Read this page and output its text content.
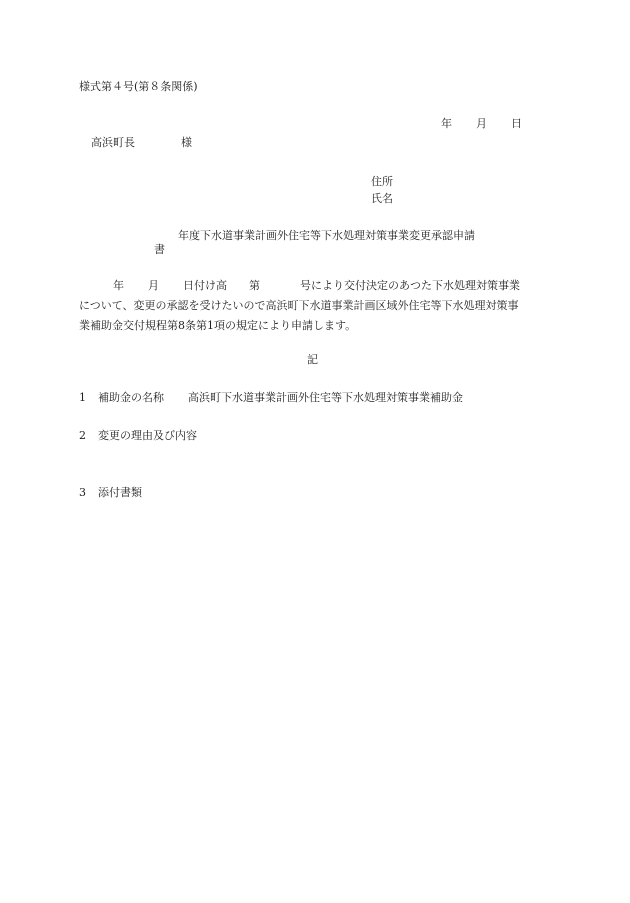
様式第４号(第８条関係)
年 月 日
高浜町長	様
住所
氏名
年度下水道事業計画外住宅等下水処理対策事業変更承認申請
書
年 月 日付け高 第	号により交付決定のあつた下水処理対策事業
について、変更の承認を受けたいので高浜町下水道事業計画区域外住宅等下水処理対策事
業補助金交付規程第8条第1項の規定により申請します。
記
1 補助金の名称 高浜町下水道事業計画外住宅等下水処理対策事業補助金
2 変更の理由及び内容
3 添付書類
